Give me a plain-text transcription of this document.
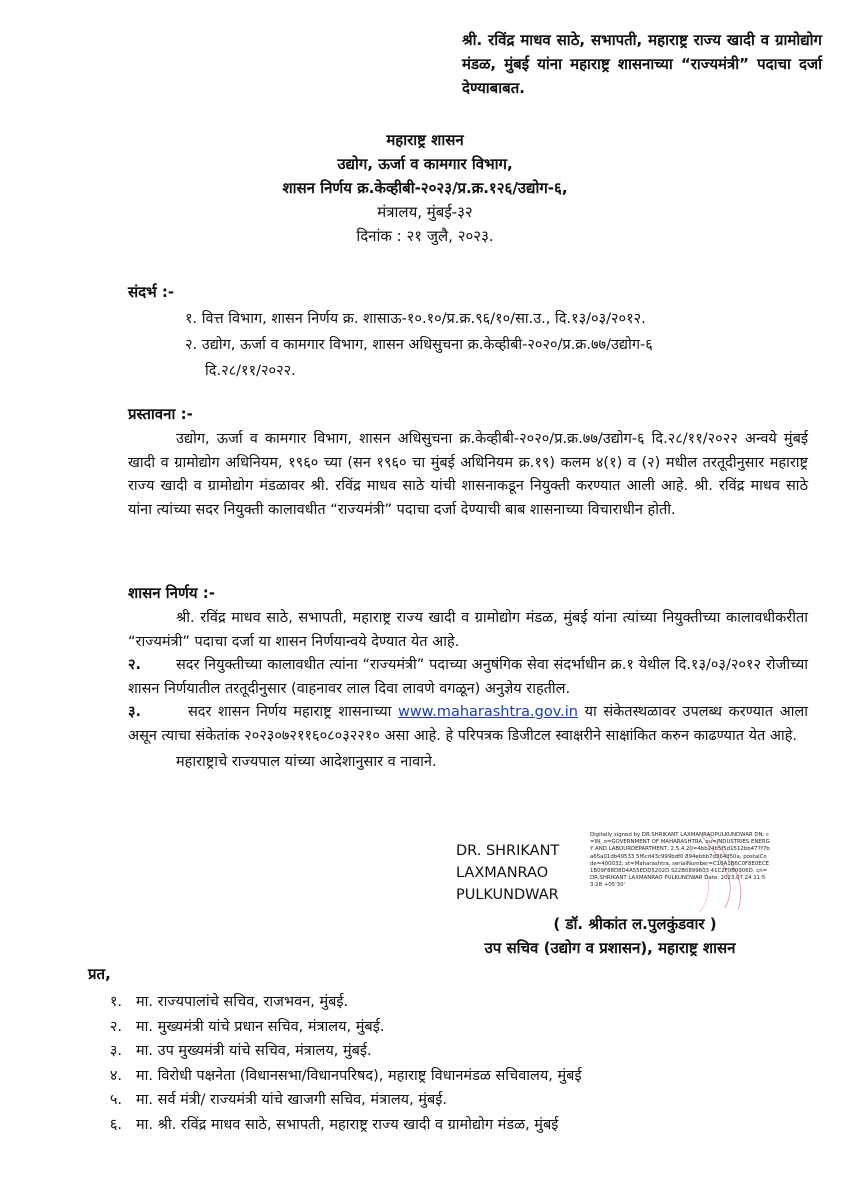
श्री. रविंद्र माधव साठे, सभापती, महाराष्ट्र राज्य खादी व ग्रामोद्योग मंडळ, मुंबई यांना महाराष्ट्र शासनाच्या “राज्यमंत्री” पदाचा दर्जा देण्याबाबत.

महाराष्ट्र शासन

उद्योग, ऊर्जा व कामगार विभाग,

शासन निर्णय क्र.केव्हीबी-२०२३/प्र.क्र.१२६/उद्योग-६,

मंत्रालय, मुंबई-३२

दिनांक : २१ जुलै, २०२३.

संदर्भ :-
१. वित्त विभाग, शासन निर्णय क्र. शासाऊ-१०.१०/प्र.क्र.९६/१०/सा.उ., दि.१३/०३/२०१२.
२. उद्योग, ऊर्जा व कामगार विभाग, शासन अधिसुचना क्र.केव्हीबी-२०२०/प्र.क्र.७७/उद्योग-६
दि.२८/११/२०२२.
प्रस्तावना :-
उद्योग, ऊर्जा व कामगार विभाग, शासन अधिसुचना क्र.केव्हीबी-२०२०/प्र.क्र.७७/उद्योग-६ दि.२८/११/२०२२ अन्वये मुंबई खादी व ग्रामोद्योग अधिनियम, १९६० च्या (सन १९६० चा मुंबई अधिनियम क्र.१९) कलम ४(१) व (२) मधील तरतूदीनुसार महाराष्ट्र राज्य खादी व ग्रामोद्योग मंडळावर श्री. रविंद्र माधव साठे यांची शासनाकडून नियुक्ती करण्यात आली आहे. श्री. रविंद्र माधव साठे यांना त्यांच्या सदर नियुक्ती कालावधीत “राज्यमंत्री” पदाचा दर्जा देण्याची बाब शासनाच्या विचाराधीन होती.
शासन निर्णय :-
श्री. रविंद्र माधव साठे, सभापती, महाराष्ट्र राज्य खादी व ग्रामोद्योग मंडळ, मुंबई यांना त्यांच्या नियुक्तीच्या कालावधीकरीता “राज्यमंत्री” पदाचा दर्जा या शासन निर्णयान्वये देण्यात येत आहे.
२. सदर नियुक्तीच्या कालावधीत त्यांना “राज्यमंत्री” पदाच्या अनुषंगिक सेवा संदर्भाधीन क्र.१ येथील दि.१३/०३/२०१२ रोजीच्या शासन निर्णयातील तरतूदीनुसार (वाहनावर लाल दिवा लावणे वगळून) अनुज्ञेय राहतील.
३.	सदर शासन निर्णय महाराष्ट्र शासनाच्या www.maharashtra.gov.in या संकेतस्थळावर उपलब्ध करण्यात आला असून त्याचा संकेतांक २०२३०७२११६०८०३२२१० असा आहे. हे परिपत्रक डिजीटल स्वाक्षरीने साक्षांकित करुन काढण्यात येत आहे.
महाराष्ट्राचे राज्यपाल यांच्या आदेशानुसार व नावाने.
DR. SHRIKANT
LAXMANRAO
PULKUNDWAR
Digitally signed by DR.SHRIKANT LAXMANRAOPULKUNDWAR DN: c=IN, o=GOVERNMENT OF MAHARASHTRA, ou=INDUSTRIES ENERGY AND LABOURDEPARTMENT, 2.5.4.20=4bb24b5f5d1512bb477f7ba65a01db49533 5f6cd43c999bdf0 894ebbb7d364d50a, postalCode=400032, st=Maharashtra, serialNumber=C10A1B6C0F8E0ECE1B09F88D8D4A55EDD5202D S22B0899603 41C2F0B0906D, cn=DR.SHRIKANT LAXMANRAO PULKUNDWAR Date: 2023.07.24 11:53:28 +05'30'
( डॉ. श्रीकांत ल.पुलकुंडवार )
उप सचिव (उद्योग व प्रशासन), महाराष्ट्र शासन
प्रत,
१. मा. राज्यपालांचे सचिव, राजभवन, मुंबई.
२. मा. मुख्यमंत्री यांचे प्रधान सचिव, मंत्रालय, मुंबई.
३. मा. उप मुख्यमंत्री यांचे सचिव, मंत्रालय, मुंबई.
४. मा. विरोधी पक्षनेता (विधानसभा/विधानपरिषद), महाराष्ट्र विधानमंडळ सचिवालय, मुंबई
५. मा. सर्व मंत्री/ राज्यमंत्री यांचे खाजगी सचिव, मंत्रालय, मुंबई.
६. मा. श्री. रविंद्र माधव साठे, सभापती, महाराष्ट्र राज्य खादी व ग्रामोद्योग मंडळ, मुंबई
